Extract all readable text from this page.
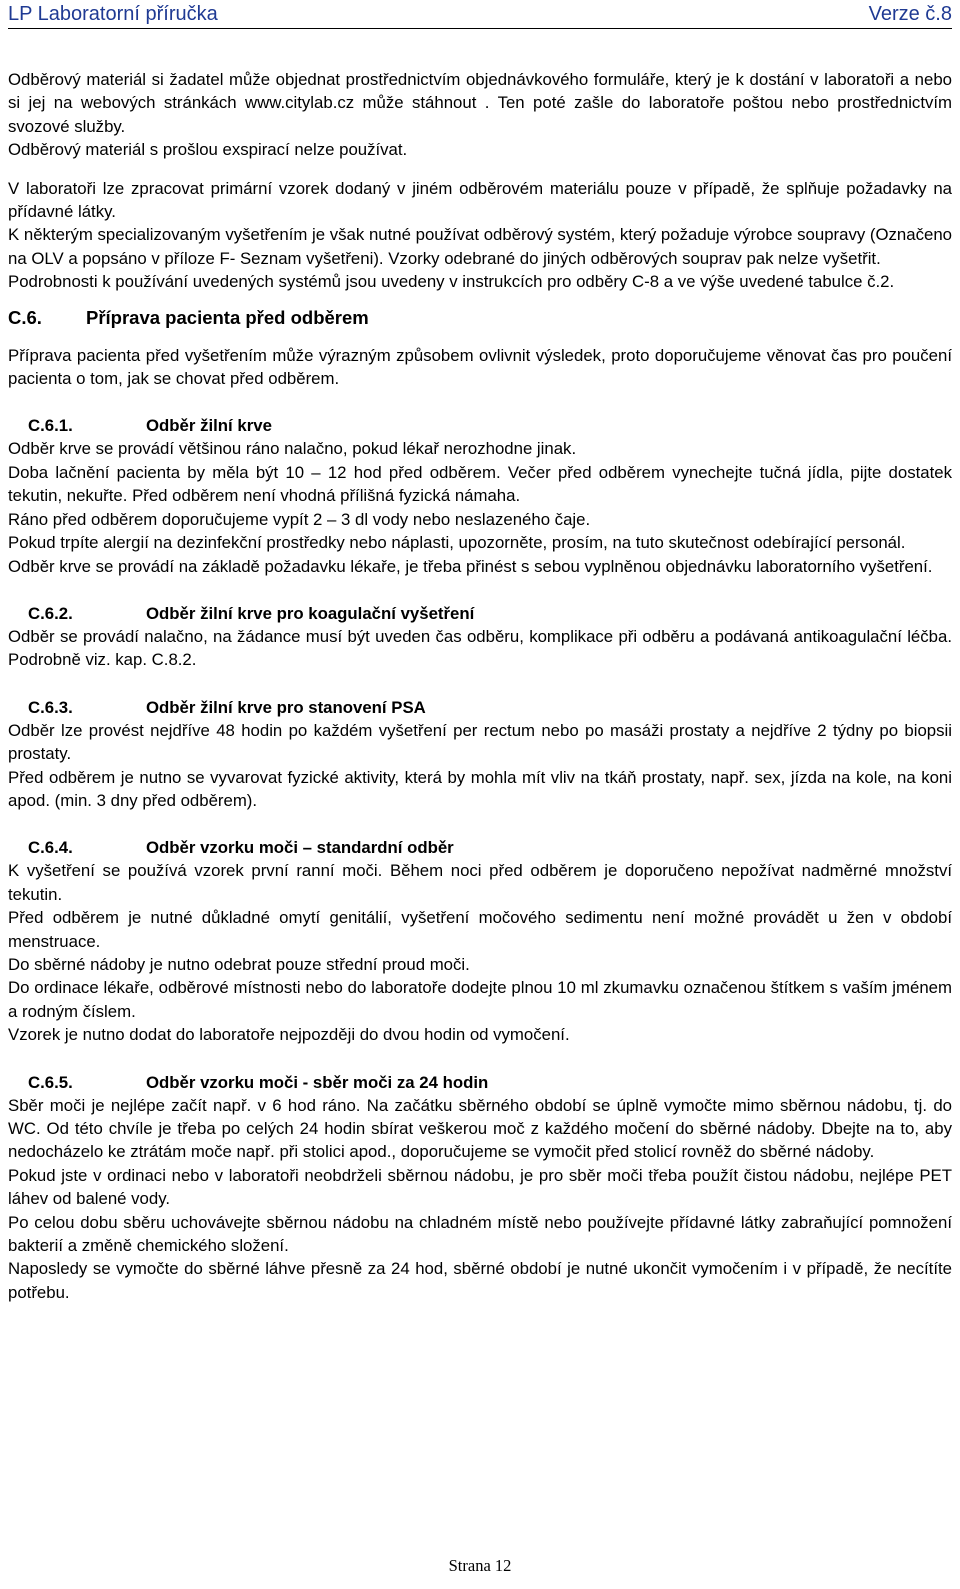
LP Laboratorní příručka	Verze č.8

Odběrový materiál si žadatel může objednat prostřednictvím objednávkového formuláře, který je k dostání v laboratoři a nebo si jej na webových stránkách www.citylab.cz může stáhnout . Ten poté zašle do laboratoře poštou nebo prostřednictvím svozové služby.

Odběrový materiál s prošlou exspirací nelze používat.

V laboratoři lze zpracovat primární vzorek dodaný v jiném odběrovém materiálu pouze v případě, že splňuje požadavky na přídavné látky.

K některým specializovaným vyšetřením je však nutné používat odběrový systém, který požaduje výrobce soupravy (Označeno na OLV a popsáno v příloze F- Seznam vyšetřeni). Vzorky odebrané do jiných odběrových souprav pak nelze vyšetřit.

Podrobnosti k používání uvedených systémů jsou uvedeny v instrukcích pro odběry C-8 a ve výše uvedené tabulce č.2.

C.6.	Příprava pacienta před odběrem

Příprava pacienta před vyšetřením může výrazným způsobem ovlivnit výsledek, proto doporučujeme věnovat čas pro poučení pacienta o tom, jak se chovat před odběrem.

C.6.1.	Odběr žilní krve

Odběr krve se provádí většinou ráno nalačno, pokud lékař nerozhodne jinak.

Doba lačnění pacienta by měla být 10 – 12 hod před odběrem. Večer před odběrem vynechejte tučná jídla, pijte dostatek tekutin, nekuřte. Před odběrem není vhodná přílišná fyzická námaha.

Ráno před odběrem doporučujeme vypít 2 – 3 dl vody nebo neslazeného čaje.

Pokud trpíte alergií na dezinfekční prostředky nebo náplasti, upozorněte, prosím, na tuto skutečnost odebírající personál.

Odběr krve se provádí na základě požadavku lékaře, je třeba přinést s sebou vyplněnou objednávku laboratorního vyšetření.

C.6.2.	Odběr žilní krve pro koagulační vyšetření

Odběr se provádí nalačno, na žádance musí být uveden čas odběru, komplikace při odběru a podávaná antikoagulační léčba. Podrobně viz. kap. C.8.2.

C.6.3.	Odběr žilní krve pro stanovení PSA

Odběr lze provést nejdříve 48 hodin po každém vyšetření per rectum nebo po masáži prostaty a nejdříve 2 týdny po biopsii prostaty.

Před odběrem je nutno se vyvarovat fyzické aktivity, která by mohla mít vliv na tkáň prostaty, např. sex, jízda na kole, na koni apod. (min. 3 dny před odběrem).

C.6.4.	Odběr vzorku moči – standardní odběr

K vyšetření se používá vzorek první ranní moči. Během noci před odběrem je doporučeno nepožívat nadměrné množství tekutin.

Před odběrem je nutné důkladné omytí genitálií, vyšetření močového sedimentu není možné provádět u žen v období menstruace.

Do sběrné nádoby je nutno odebrat pouze střední proud moči.

Do ordinace lékaře, odběrové místnosti nebo do laboratoře dodejte plnou 10 ml zkumavku označenou štítkem s vaším jménem a rodným číslem.

Vzorek je nutno dodat do laboratoře nejpozději do dvou hodin od vymočení.

C.6.5.	Odběr vzorku moči - sběr moči za 24 hodin

Sběr moči je nejlépe začít např. v 6 hod ráno. Na začátku sběrného období se úplně vymočte mimo sběrnou nádobu, tj. do WC. Od této chvíle je třeba po celých 24 hodin sbírat veškerou moč z každého močení do sběrné nádoby. Dbejte na to, aby nedocházelo ke ztrátám moče např. při stolici apod., doporučujeme se vymočit před stolicí rovněž do sběrné nádoby.

Pokud jste v ordinaci nebo v laboratoři neobdrželi sběrnou nádobu, je pro sběr moči třeba použít čistou nádobu, nejlépe PET láhev od balené vody.

Po celou dobu sběru uchovávejte sběrnou nádobu na chladném místě nebo používejte přídavné látky zabraňující pomnožení bakterií a změně chemického složení.

Naposledy se vymočte do sběrné láhve přesně za 24 hod, sběrné období je nutné ukončit vymočením i v případě, že necítíte potřebu.

Strana 12
